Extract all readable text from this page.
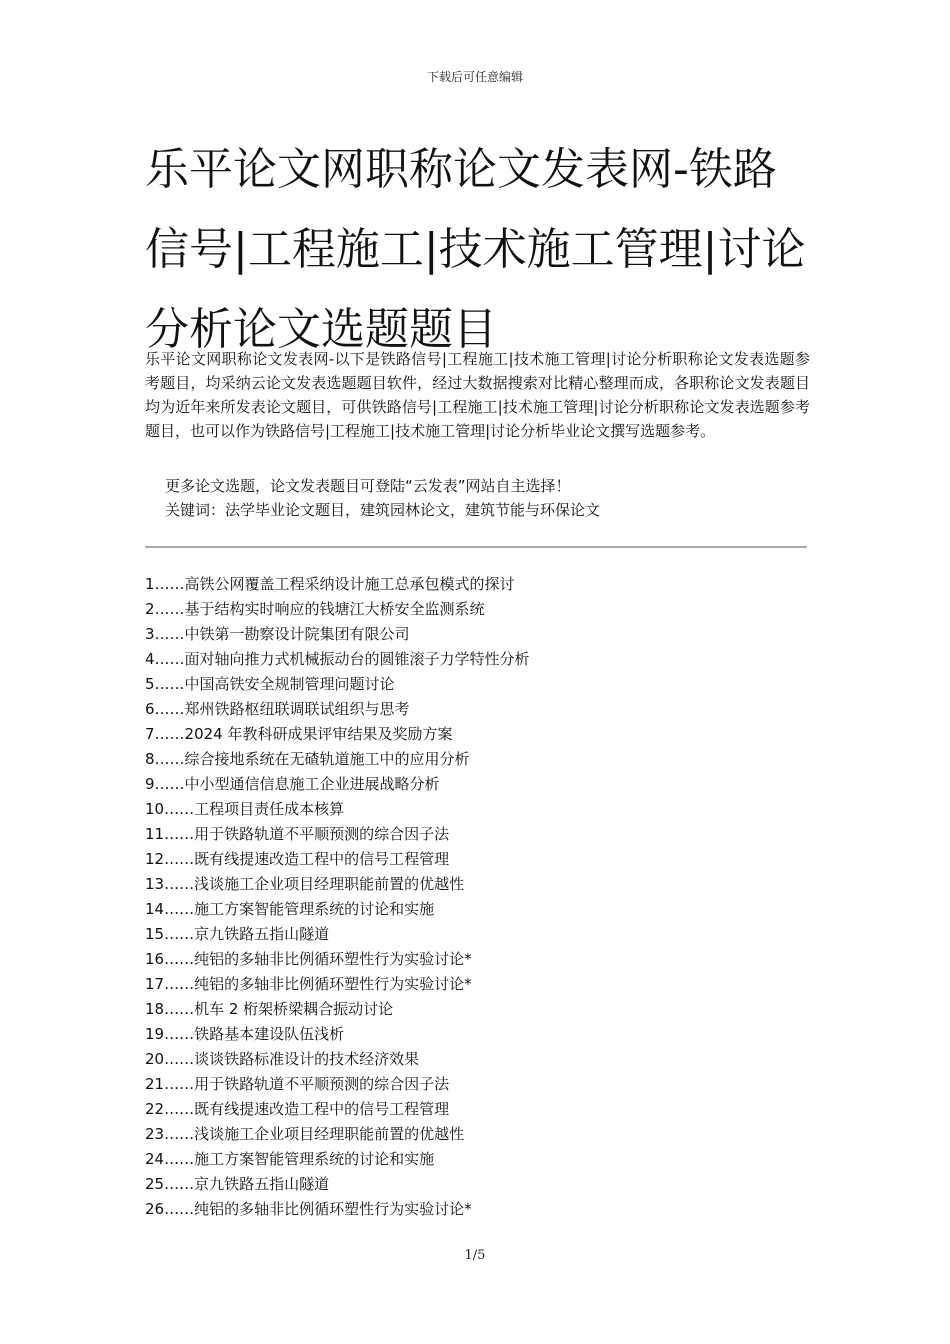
下载后可任意编辑
乐平论文网职称论文发表网-铁路信号|工程施工|技术施工管理|讨论分析论文选题题目

乐平论文网职称论文发表网-以下是铁路信号|工程施工|技术施工管理|讨论分析职称论文发表选题参考题目，均采纳云论文发表选题题目软件，经过大数据搜索对比精心整理而成，各职称论文发表题目均为近年来所发表论文题目，可供铁路信号|工程施工|技术施工管理|讨论分析职称论文发表选题参考题目，也可以作为铁路信号|工程施工|技术施工管理|讨论分析毕业论文撰写选题参考。

更多论文选题，论文发表题目可登陆“云发表”网站自主选择！
关键词：法学毕业论文题目，建筑园林论文，建筑节能与环保论文
1……高铁公网覆盖工程采纳设计施工总承包模式的探讨
2……基于结构实时响应的钱塘江大桥安全监测系统
3……中铁第一勘察设计院集团有限公司
4……面对轴向推力式机械振动台的圆锥滚子力学特性分析
5……中国高铁安全规制管理问题讨论
6……郑州铁路枢纽联调联试组织与思考
7……2024 年教科研成果评审结果及奖励方案
8……综合接地系统在无碴轨道施工中的应用分析
9……中小型通信信息施工企业进展战略分析
10……工程项目责任成本核算
11……用于铁路轨道不平顺预测的综合因子法
12……既有线提速改造工程中的信号工程管理
13……浅谈施工企业项目经理职能前置的优越性
14……施工方案智能管理系统的讨论和实施
15……京九铁路五指山隧道
16……纯铝的多轴非比例循环塑性行为实验讨论*
17……纯铝的多轴非比例循环塑性行为实验讨论*
18……机车 2 桁架桥梁耦合振动讨论
19……铁路基本建设队伍浅析
20……谈谈铁路标准设计的技术经济效果
21……用于铁路轨道不平顺预测的综合因子法
22……既有线提速改造工程中的信号工程管理
23……浅谈施工企业项目经理职能前置的优越性
24……施工方案智能管理系统的讨论和实施
25……京九铁路五指山隧道
26……纯铝的多轴非比例循环塑性行为实验讨论*
1/5
